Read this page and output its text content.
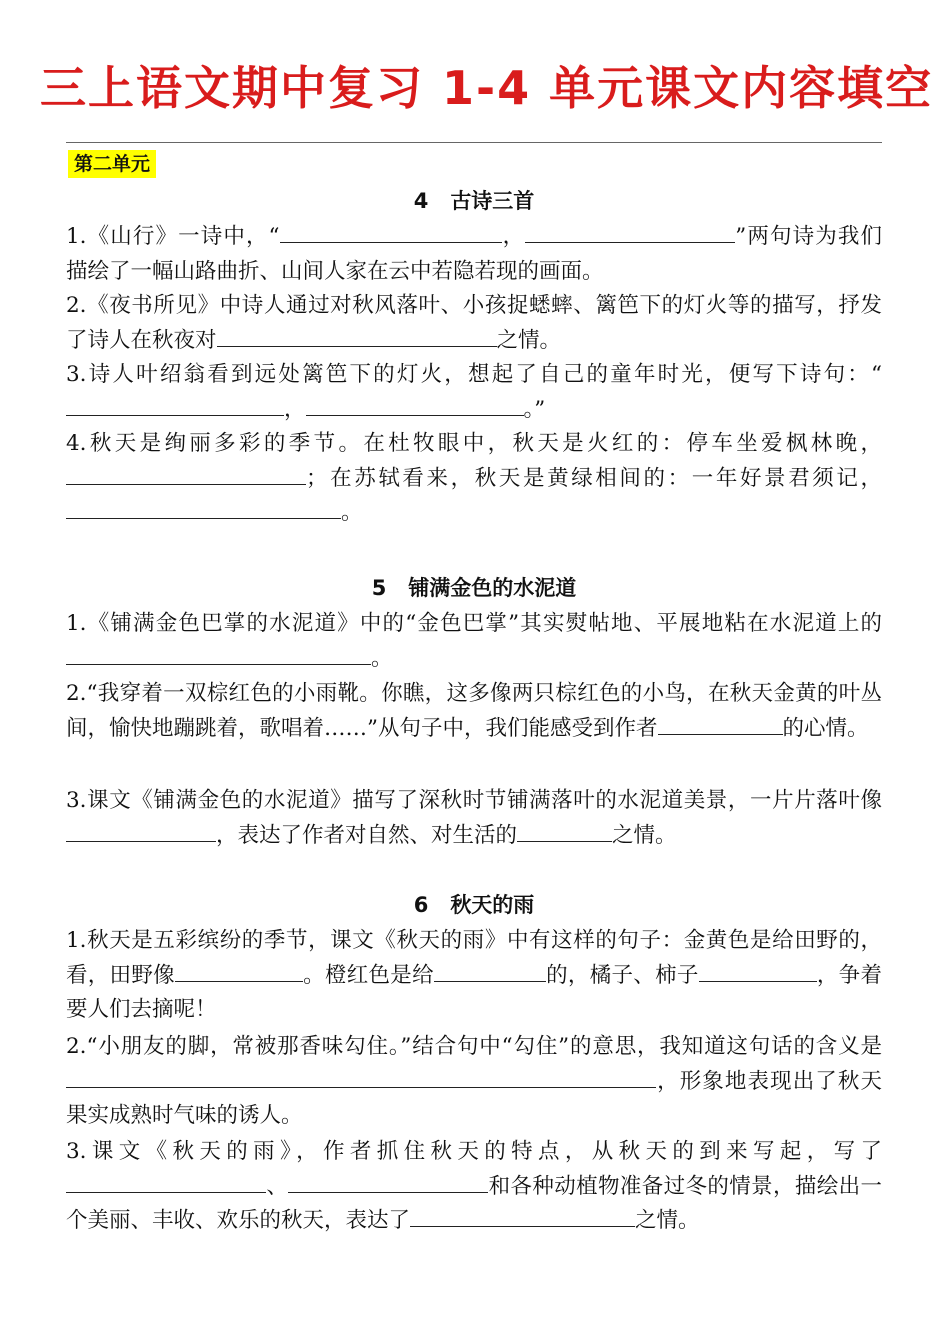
三上语文期中复习 1-4 单元课文内容填空
第二单元
4 古诗三首
1.《山行》一诗中，“	，	”两句诗为我们描绘了一幅山路曲折、山间人家在云中若隐若现的画面。
2.《夜书所见》中诗人通过对秋风落叶、小孩捉蟋蟀、篱笆下的灯火等的描写，抒发了诗人在秋夜对	之情。
3.诗人叶绍翁看到远处篱笆下的灯火，想起了自己的童年时光，便写下诗句：“，	。”
4.秋天是绚丽多彩的季节。在杜牧眼中，秋天是火红的：停车坐爱枫林晚，；在苏轼看来，秋天是黄绿相间的：一年好景君须记，。
5 铺满金色的水泥道
1.《铺满金色巴掌的水泥道》中的“金色巴掌”其实熨帖地、平展地粘在水泥道上的。
2.“我穿着一双棕红色的小雨靴。你瞧，这多像两只棕红色的小鸟，在秋天金黄的叶丛间，愉快地蹦跳着，歌唱着……”从句子中，我们能感受到作者	的心情。
3.课文《铺满金色的水泥道》描写了深秋时节铺满落叶的水泥道美景，一片片落叶像，表达了作者对自然、对生活的	之情。
6 秋天的雨
1.秋天是五彩缤纷的季节，课文《秋天的雨》中有这样的句子：金黄色是给田野的，看，田野像	。橙红色是给	的，橘子、柿子	，争着要人们去摘呢！
2.“小朋友的脚，常被那香味勾住。”结合句中“勾住”的意思，我知道这句话的含义是，形象地表现出了秋天果实成熟时气味的诱人。
3.课文《秋天的雨》，作者抓住秋天的特点，从秋天的到来写起，写了、	和各种动植物准备过冬的情景，描绘出一个美丽、丰收、欢乐的秋天，表达了	之情。
